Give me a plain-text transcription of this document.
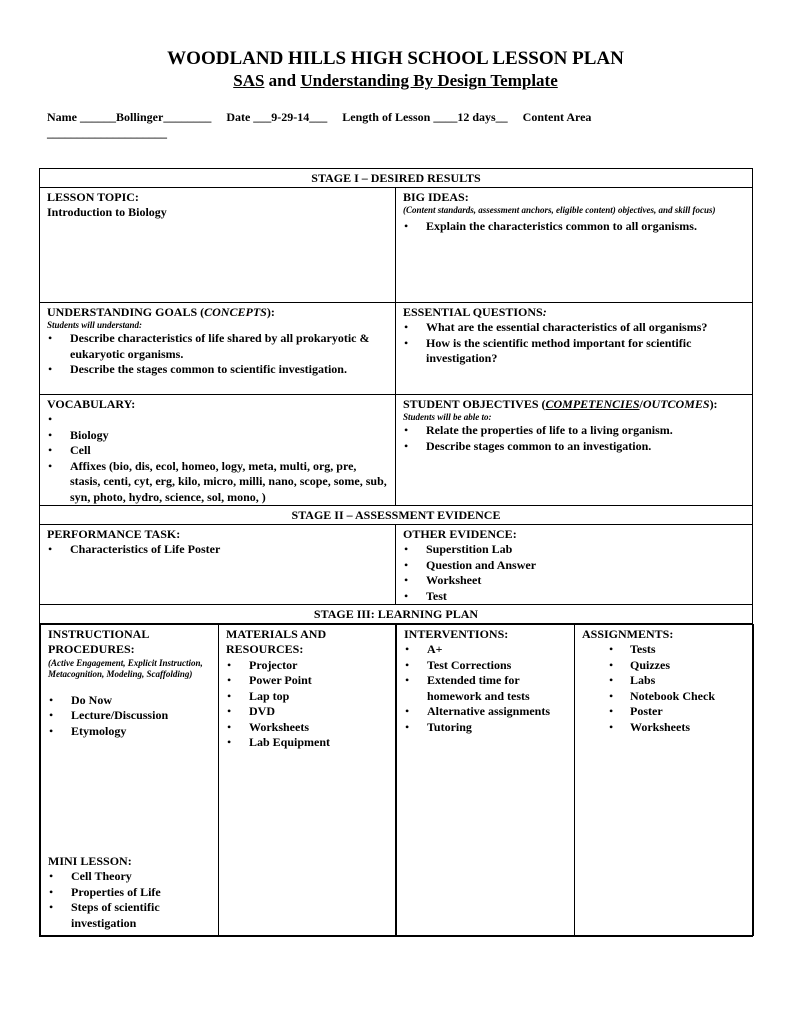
WOODLAND HILLS HIGH SCHOOL LESSON PLAN
SAS and Understanding By Design Template
Name ______Bollinger________     Date ___9-29-14___     Length of Lesson ____12 days__     Content Area
____________________
STAGE I – DESIRED RESULTS

LESSON TOPIC:
Introduction to Biology

BIG IDEAS:
(Content standards, assessment anchors, eligible content) objectives, and skill focus)
• Explain the characteristics common to all organisms.

UNDERSTANDING GOALS (CONCEPTS):
Students will understand:
• Describe characteristics of life shared by all prokaryotic & eukaryotic organisms.
• Describe the stages common to scientific investigation.

ESSENTIAL QUESTIONS:
• What are the essential characteristics of all organisms?
• How is the scientific method important for scientific investigation?

VOCABULARY:
•
• Biology
• Cell
• Affixes (bio, dis, ecol, homeo, logy, meta, multi, org, pre, stasis, centi, cyt, erg, kilo, micro, milli, nano, scope, some, sub, syn, photo, hydro, science, sol, mono, )

STUDENT OBJECTIVES (COMPETENCIES/OUTCOMES):
Students will be able to:
• Relate the properties of life to a living organism.
• Describe stages common to an investigation.

STAGE II – ASSESSMENT EVIDENCE

PERFORMANCE TASK:
• Characteristics of Life Poster

OTHER EVIDENCE:
• Superstition Lab
• Question and Answer
• Worksheet
• Test

STAGE III: LEARNING PLAN

INSTRUCTIONAL PROCEDURES:
(Active Engagement, Explicit Instruction, Metacognition, Modeling, Scaffolding)
• Do Now
• Lecture/Discussion
• Etymology
MINI LESSON:
• Cell Theory
• Properties of Life
• Steps of scientific investigation

MATERIALS AND RESOURCES:
• Projector
• Power Point
• Lap top
• DVD
• Worksheets
• Lab Equipment

INTERVENTIONS:
• A+
• Test Corrections
• Extended time for homework and tests
• Alternative assignments
• Tutoring

ASSIGNMENTS:
• Tests
• Quizzes
• Labs
• Notebook Check
• Poster
• Worksheets
